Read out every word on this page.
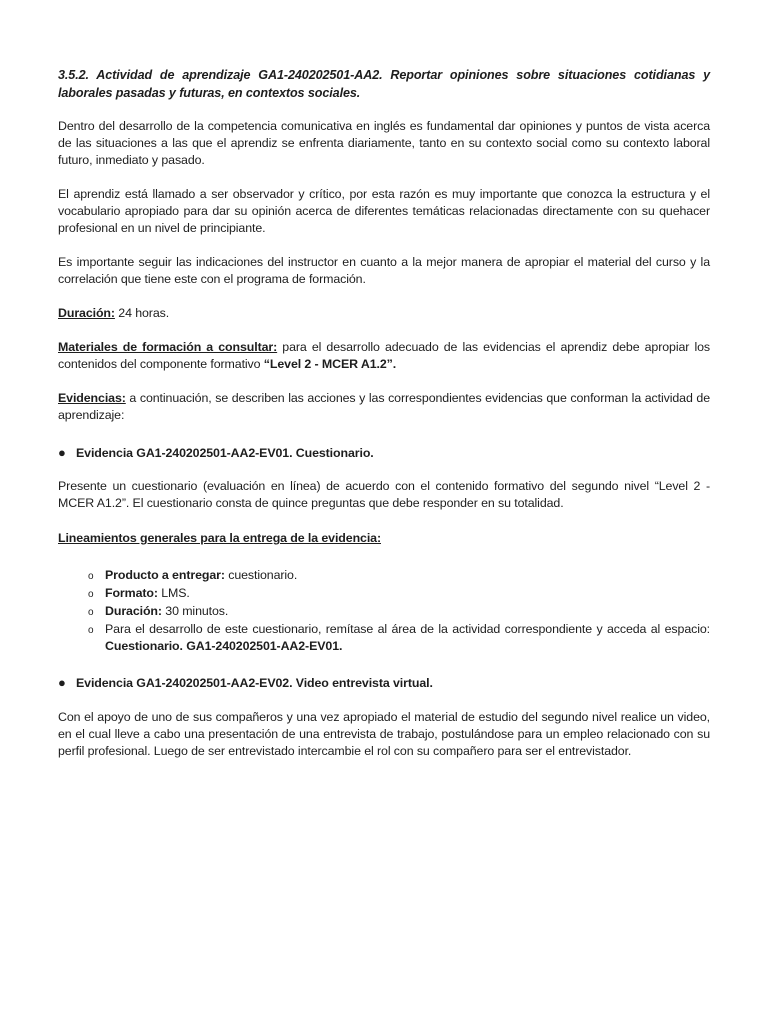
3.5.2. Actividad de aprendizaje GA1-240202501-AA2. Reportar opiniones sobre situaciones cotidianas y laborales pasadas y futuras, en contextos sociales.

Dentro del desarrollo de la competencia comunicativa en inglés es fundamental dar opiniones y puntos de vista acerca de las situaciones a las que el aprendiz se enfrenta diariamente, tanto en su contexto social como su contexto laboral futuro, inmediato y pasado.

El aprendiz está llamado a ser observador y crítico, por esta razón es muy importante que conozca la estructura y el vocabulario apropiado para dar su opinión acerca de diferentes temáticas relacionadas directamente con su quehacer profesional en un nivel de principiante.

Es importante seguir las indicaciones del instructor en cuanto a la mejor manera de apropiar el material del curso y la correlación que tiene este con el programa de formación.

Duración: 24 horas.

Materiales de formación a consultar: para el desarrollo adecuado de las evidencias el aprendiz debe apropiar los contenidos del componente formativo “Level 2 - MCER A1.2”.

Evidencias: a continuación, se describen las acciones y las correspondientes evidencias que conforman la actividad de aprendizaje:

● Evidencia GA1-240202501-AA2-EV01. Cuestionario.

Presente un cuestionario (evaluación en línea) de acuerdo con el contenido formativo del segundo nivel “Level 2 - MCER A1.2”. El cuestionario consta de quince preguntas que debe responder en su totalidad.

Lineamientos generales para la entrega de la evidencia:

o Producto a entregar: cuestionario.
o Formato: LMS.
o Duración: 30 minutos.
o Para el desarrollo de este cuestionario, remítase al área de la actividad correspondiente y acceda al espacio: Cuestionario. GA1-240202501-AA2-EV01.
● Evidencia GA1-240202501-AA2-EV02. Video entrevista virtual.

Con el apoyo de uno de sus compañeros y una vez apropiado el material de estudio del segundo nivel realice un video, en el cual lleve a cabo una presentación de una entrevista de trabajo, postulándose para un empleo relacionado con su perfil profesional. Luego de ser entrevistado intercambie el rol con su compañero para ser el entrevistador.
